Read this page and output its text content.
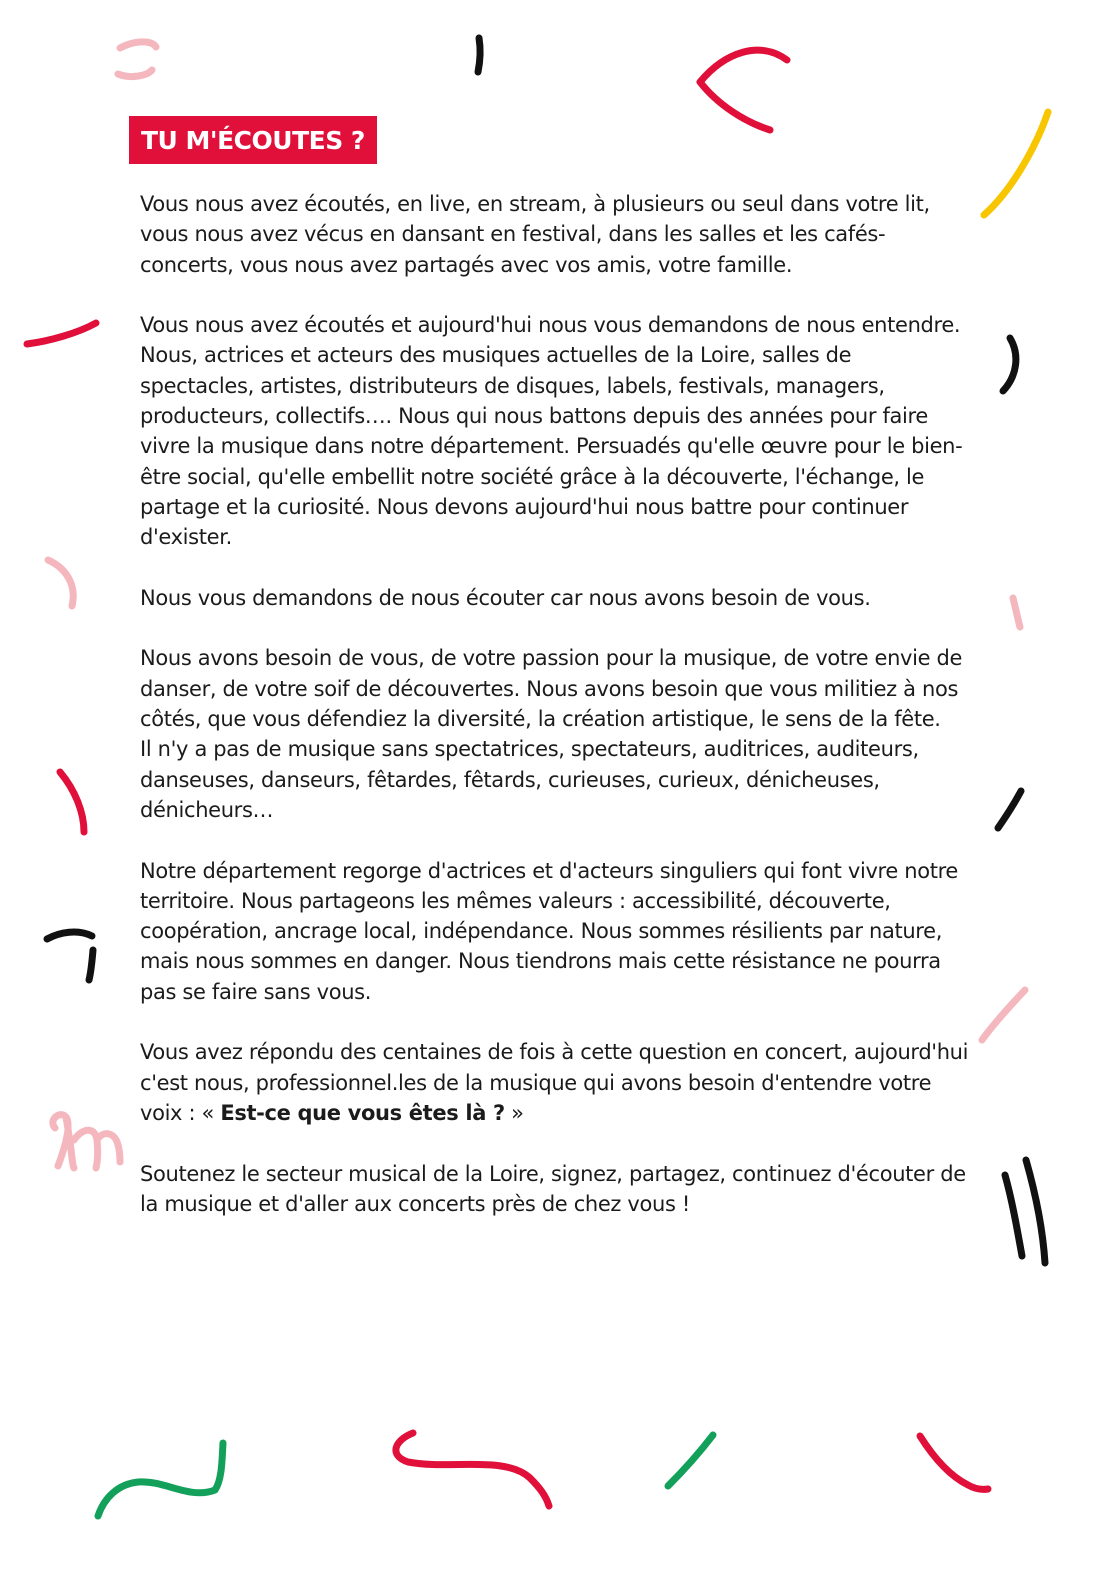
TU M'ÉCOUTES ?

Vous nous avez écoutés, en live, en stream, à plusieurs ou seul dans votre lit, vous nous avez vécus en dansant en festival, dans les salles et les cafés-concerts, vous nous avez partagés avec vos amis, votre famille.

Vous nous avez écoutés et aujourd'hui nous vous demandons de nous entendre. Nous, actrices et acteurs des musiques actuelles de la Loire, salles de spectacles, artistes, distributeurs de disques, labels, festivals, managers, producteurs, collectifs…. Nous qui nous battons depuis des années pour faire vivre la musique dans notre département. Persuadés qu'elle œuvre pour le bien-être social, qu'elle embellit notre société grâce à la découverte, l'échange, le partage et la curiosité. Nous devons aujourd'hui nous battre pour continuer d'exister.

Nous vous demandons de nous écouter car nous avons besoin de vous.

Nous avons besoin de vous, de votre passion pour la musique, de votre envie de danser, de votre soif de découvertes. Nous avons besoin que vous militiez à nos côtés, que vous défendiez la diversité, la création artistique, le sens de la fête.
Il n'y a pas de musique sans spectatrices, spectateurs, auditrices, auditeurs, danseuses, danseurs, fêtardes, fêtards, curieuses, curieux, dénicheuses, dénicheurs…

Notre département regorge d'actrices et d'acteurs singuliers qui font vivre notre territoire. Nous partageons les mêmes valeurs : accessibilité, découverte, coopération, ancrage local, indépendance. Nous sommes résilients par nature, mais nous sommes en danger. Nous tiendrons mais cette résistance ne pourra pas se faire sans vous.

Vous avez répondu des centaines de fois à cette question en concert, aujourd'hui c'est nous, professionnel.les de la musique qui avons besoin d'entendre votre voix : « Est-ce que vous êtes là ? »

Soutenez le secteur musical de la Loire, signez, partagez, continuez d'écouter de la musique et d'aller aux concerts près de chez vous !
